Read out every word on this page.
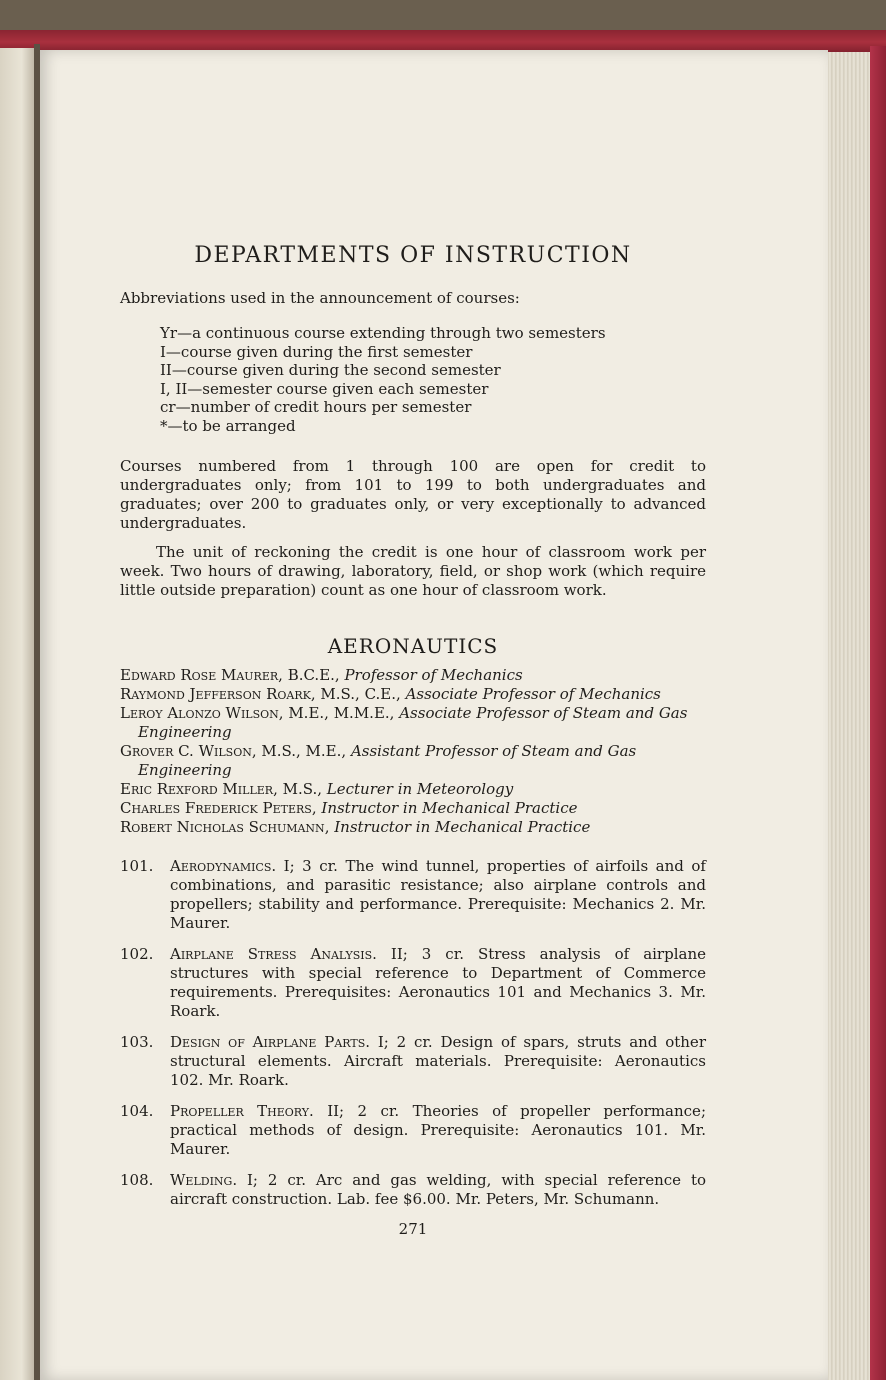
DEPARTMENTS OF INSTRUCTION

Abbreviations used in the announcement of courses:

Yr—a continuous course extending through two semesters
I—course given during the first semester
II—course given during the second semester
I, II—semester course given each semester
cr—number of credit hours per semester
*—to be arranged

Courses numbered from 1 through 100 are open for credit to undergraduates only; from 101 to 199 to both undergraduates and graduates; over 200 to graduates only, or very exceptionally to advanced undergraduates.

The unit of reckoning the credit is one hour of classroom work per week. Two hours of drawing, laboratory, field, or shop work (which require little outside preparation) count as one hour of classroom work.

AERONAUTICS
Edward Rose Maurer, B.C.E., Professor of Mechanics
Raymond Jefferson Roark, M.S., C.E., Associate Professor of Mechanics
Leroy Alonzo Wilson, M.E., M.M.E., Associate Professor of Steam and Gas Engineering
Grover C. Wilson, M.S., M.E., Assistant Professor of Steam and Gas Engineering
Eric Rexford Miller, M.S., Lecturer in Meteorology
Charles Frederick Peters, Instructor in Mechanical Practice
Robert Nicholas Schumann, Instructor in Mechanical Practice
101.	Aerodynamics. I; 3 cr. The wind tunnel, properties of airfoils and of combinations, and parasitic resistance; also airplane controls and propellers; stability and performance. Prerequisite: Mechanics 2. Mr. Maurer.
102.	Airplane Stress Analysis. II; 3 cr. Stress analysis of airplane structures with special reference to Department of Commerce requirements. Prerequisites: Aeronautics 101 and Mechanics 3. Mr. Roark.
103.	Design of Airplane Parts. I; 2 cr. Design of spars, struts and other structural elements. Aircraft materials. Prerequisite: Aeronautics 102. Mr. Roark.
104.	Propeller Theory. II; 2 cr. Theories of propeller performance; practical methods of design. Prerequisite: Aeronautics 101. Mr. Maurer.
108.	Welding. I; 2 cr. Arc and gas welding, with special reference to aircraft construction. Lab. fee $6.00. Mr. Peters, Mr. Schumann.
271
